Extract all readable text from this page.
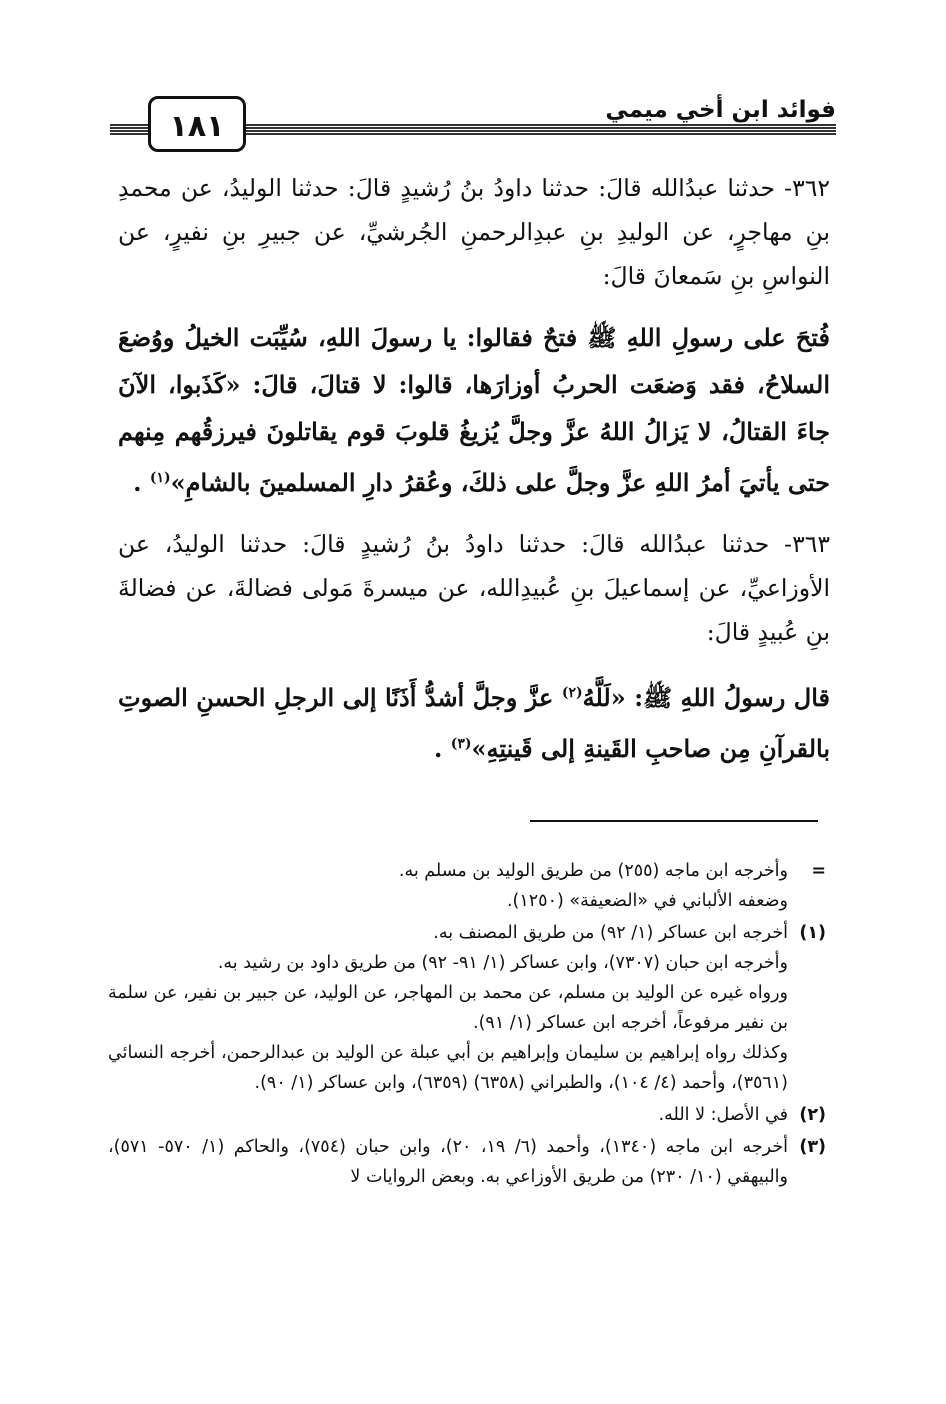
١٨١	فوائد ابن أخي ميمي

٣٦٢- حدثنا عبدُالله قالَ: حدثنا داودُ بنُ رُشيدٍ قالَ: حدثنا الوليدُ، عن محمدِ بنِ مهاجرٍ، عن الوليدِ بنِ عبدِالرحمنِ الجُرشيِّ، عن جبيرِ بنِ نفيرٍ، عن النواسِ بنِ سَمعانَ قالَ:

فُتحَ على رسولِ اللهِ ﷺ فتحٌ فقالوا: يا رسولَ اللهِ، سُيِّبَت الخيلُ ووُضعَ السلاحُ، فقد وَضعَت الحربُ أوزارَها، قالوا: لا قتالَ، قالَ: «كَذَبوا، الآنَ جاءَ القتالُ، لا يَزالُ اللهُ عزَّ وجلَّ يُزيغُ قلوبَ قوم يقاتلونَ فيرزقُهم مِنهم حتى يأتيَ أمرُ اللهِ عزَّ وجلَّ على ذلكَ، وعُقرُ دارِ المسلمينَ بالشامِ»$^{(١)}$ .

٣٦٣- حدثنا عبدُالله قالَ: حدثنا داودُ بنُ رُشيدٍ قالَ: حدثنا الوليدُ، عن الأوزاعيِّ، عن إسماعيلَ بنِ عُبيدِالله، عن ميسرةَ مَولى فضالةَ، عن فضالةَ بنِ عُبيدٍ قالَ:

قال رسولُ اللهِ ﷺ: «لَلَّهُ$^{(٢)}$ عزَّ وجلَّ أشدُّ أَذَنًا إلى الرجلِ الحسنِ الصوتِ بالقرآنِ مِن صاحبِ القَينةِ إلى قَينتِهِ»$^{(٣)}$ .

=
وأخرجه ابن ماجه (٢٥٥) من طريق الوليد بن مسلم به.
وضعفه الألباني في «الضعيفة» (١٢٥٠).
(١)
أخرجه ابن عساكر (١/ ٩٢) من طريق المصنف به.
وأخرجه ابن حبان (٧٣٠٧)، وابن عساكر (١/ ٩١- ٩٢) من طريق داود بن رشيد به.
ورواه غيره عن الوليد بن مسلم، عن محمد بن المهاجر، عن الوليد، عن جبير بن نفير، عن سلمة بن نفير مرفوعاً، أخرجه ابن عساكر (١/ ٩١).
وكذلك رواه إبراهيم بن سليمان وإبراهيم بن أبي عبلة عن الوليد بن عبدالرحمن، أخرجه النسائي (٣٥٦١)، وأحمد (٤/ ١٠٤)، والطبراني (٦٣٥٨) (٦٣٥٩)، وابن عساكر (١/ ٩٠).
(٢)
في الأصل: لا الله.
(٣)
أخرجه ابن ماجه (١٣٤٠)، وأحمد (٦/ ١٩، ٢٠)، وابن حبان (٧٥٤)، والحاكم (١/ ٥٧٠- ٥٧١)، والبيهقي (١٠/ ٢٣٠) من طريق الأوزاعي به. وبعض الروايات لا
